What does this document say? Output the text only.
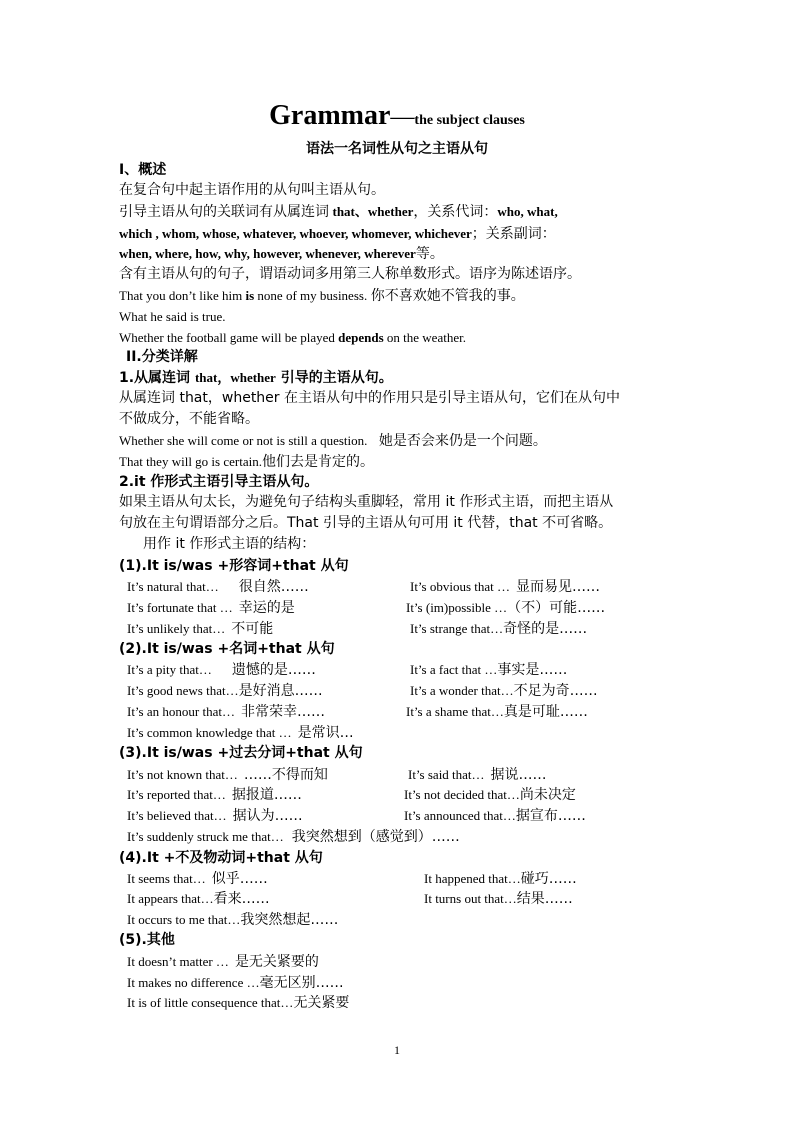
Grammar—the subject clauses
语法一名词性从句之主语从句
I、概述
在复合句中起主语作用的从句叫主语从句。
引导主语从句的关联词有从属连词 that、whether，关系代词：who, what,
which , whom, whose, whatever, whoever, whomever, whichever；关系副词：
when, where, how, why, however, whenever, wherever等。
含有主语从句的句子，谓语动词多用第三人称单数形式。语序为陈述语序。
That you don’t like him is none of my business. 你不喜欢她不管我的事。
What he said is true.
Whether the football game will be played depends on the weather.
II.分类详解
1.从属连词 that，whether 引导的主语从句。
从属连词 that，whether 在主语从句中的作用只是引导主语从句，它们在从句中
不做成分，不能省略。
Whether she will come or not is still a question. 她是否会来仍是一个问题。
That they will go is certain.他们去是肯定的。
2.it 作形式主语引导主语从句。
如果主语从句太长，为避免句子结构头重脚轻，常用 it 作形式主语，而把主语从
句放在主句谓语部分之后。That 引导的主语从句可用 it 代替，that 不可省略。
用作 it 作形式主语的结构：
(1).It is/was +形容词+that 从句
It’s natural that… 很自然……	It’s obvious that … 显而易见……
It’s fortunate that … 幸运的是	It’s (im)possible …（不）可能……
It’s unlikely that… 不可能	It’s strange that…奇怪的是……
(2).It is/was +名词+that 从句
It’s a pity that… 遗憾的是……	It’s a fact that …事实是……
It’s good news that…是好消息……	It’s a wonder that…不足为奇……
It’s an honour that… 非常荣幸……	It’s a shame that…真是可耻……
It’s common knowledge that … 是常识…
(3).It is/was +过去分词+that 从句
It’s not known that… ……不得而知	It’s said that… 据说……
It’s reported that… 据报道……	It’s not decided that…尚未决定
It’s believed that… 据认为……	It’s announced that…据宣布……
It’s suddenly struck me that… 我突然想到（感觉到）……
(4).It +不及物动词+that 从句
It seems that… 似乎……	It happened that…碰巧……
It appears that…看来……	It turns out that…结果……
It occurs to me that…我突然想起……
(5).其他
It doesn’t matter … 是无关紧要的
It makes no difference …毫无区别……
It is of little consequence that…无关紧要
1
